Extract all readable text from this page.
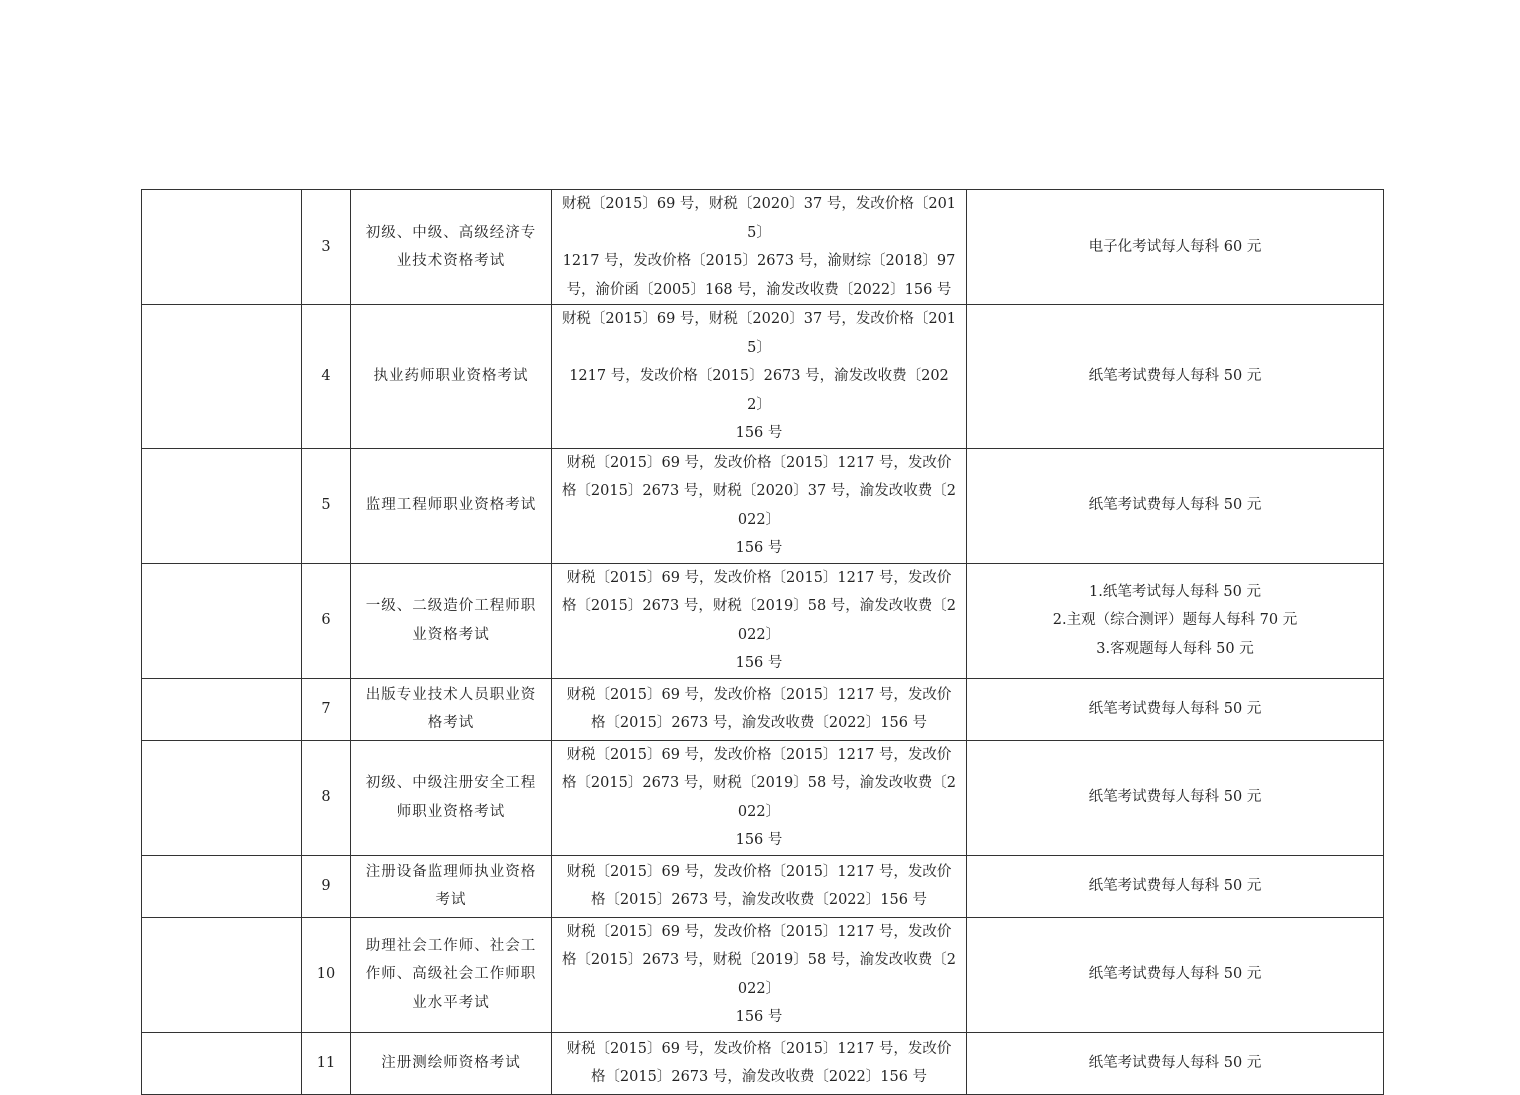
	3	初级、中级、高级经济专
业技术资格考试	财税〔2015〕69 号，财税〔2020〕37 号，发改价格〔2015〕
1217 号，发改价格〔2015〕2673 号，渝财综〔2018〕97
号，渝价函〔2005〕168 号，渝发改收费〔2022〕156 号	电子化考试每人每科 60 元
	4	执业药师职业资格考试	财税〔2015〕69 号，财税〔2020〕37 号，发改价格〔2015〕
1217 号，发改价格〔2015〕2673 号，渝发改收费〔2022〕
156 号	纸笔考试费每人每科 50 元
	5	监理工程师职业资格考试	财税〔2015〕69 号，发改价格〔2015〕1217 号，发改价
格〔2015〕2673 号，财税〔2020〕37 号，渝发改收费〔2022〕
156 号	纸笔考试费每人每科 50 元
	6	一级、二级造价工程师职
业资格考试	财税〔2015〕69 号，发改价格〔2015〕1217 号，发改价
格〔2015〕2673 号，财税〔2019〕58 号，渝发改收费〔2022〕
156 号	1.纸笔考试每人每科 50 元
2.主观（综合测评）题每人每科 70 元
3.客观题每人每科 50 元
	7	出版专业技术人员职业资
格考试	财税〔2015〕69 号，发改价格〔2015〕1217 号，发改价
格〔2015〕2673 号，渝发改收费〔2022〕156 号	纸笔考试费每人每科 50 元
	8	初级、中级注册安全工程
师职业资格考试	财税〔2015〕69 号，发改价格〔2015〕1217 号，发改价
格〔2015〕2673 号，财税〔2019〕58 号，渝发改收费〔2022〕
156 号	纸笔考试费每人每科 50 元
	9	注册设备监理师执业资格
考试	财税〔2015〕69 号，发改价格〔2015〕1217 号，发改价
格〔2015〕2673 号，渝发改收费〔2022〕156 号	纸笔考试费每人每科 50 元
	10	助理社会工作师、社会工
作师、高级社会工作师职
业水平考试	财税〔2015〕69 号，发改价格〔2015〕1217 号，发改价
格〔2015〕2673 号，财税〔2019〕58 号，渝发改收费〔2022〕
156 号	纸笔考试费每人每科 50 元
	11	注册测绘师资格考试	财税〔2015〕69 号，发改价格〔2015〕1217 号，发改价
格〔2015〕2673 号，渝发改收费〔2022〕156 号	纸笔考试费每人每科 50 元
